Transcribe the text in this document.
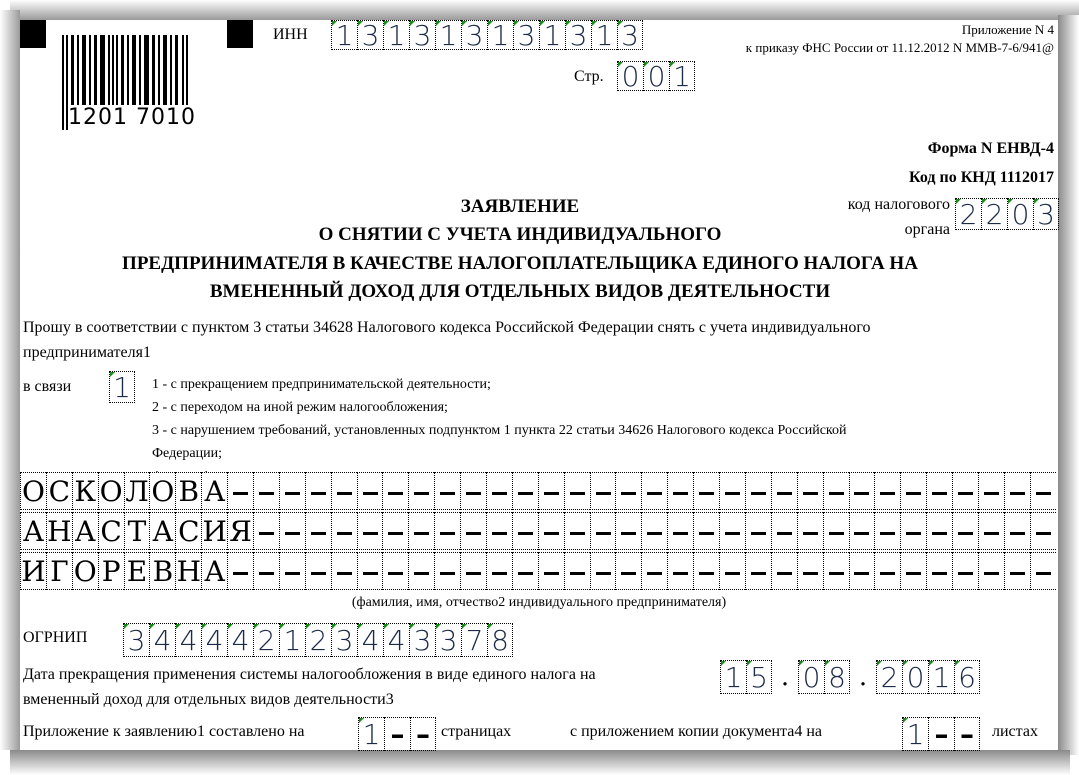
1201 7010
ИНН 1 3 1 3 1 3 1 3 1 3 1 3
Стр. 0 0 1
Приложение N 4
к приказу ФНС России от 11.12.2012 N ММВ-7-6/941@
Форма N ЕНВД-4
Код по КНД 1112017
код налогового
органа 2 2 0 3
ЗАЯВЛЕНИЕ
О СНЯТИИ С УЧЕТА ИНДИВИДУАЛЬНОГО
ПРЕДПРИНИМАТЕЛЯ В КАЧЕСТВЕ НАЛОГОПЛАТЕЛЬЩИКА ЕДИНОГО НАЛОГА НА
ВМЕНЕННЫЙ ДОХОД ДЛЯ ОТДЕЛЬНЫХ ВИДОВ ДЕЯТЕЛЬНОСТИ
Прошу в соответствии с пунктом 3 статьи 34628 Налогового кодекса Российской Федерации снять с учета индивидуального
предпринимателя1
в связи 1 1 - с прекращением предпринимательской деятельности;
2 - с переходом на иной режим налогообложения;
3 - с нарушением требований, установленных подпунктом 1 пункта 22 статьи 34626 Налогового кодекса Российской
Федерации;
О С К О Л О В А
А Н А С Т А С И Я
И Г О Р Е В Н А
(фамилия, имя, отчество2 индивидуального предпринимателя)
ОГРНИП 3 4 4 4 4 2 1 2 3 4 4 3 3 7 8
Дата прекращения применения системы налогообложения в виде единого налога на
вмененный доход для отдельных видов деятельности3
1 5 . 0 8 . 2 0 1 6
Приложение к заявлению1 составлено на 1 – – страницах	с приложением копии документа4 на	1 – –	листах
